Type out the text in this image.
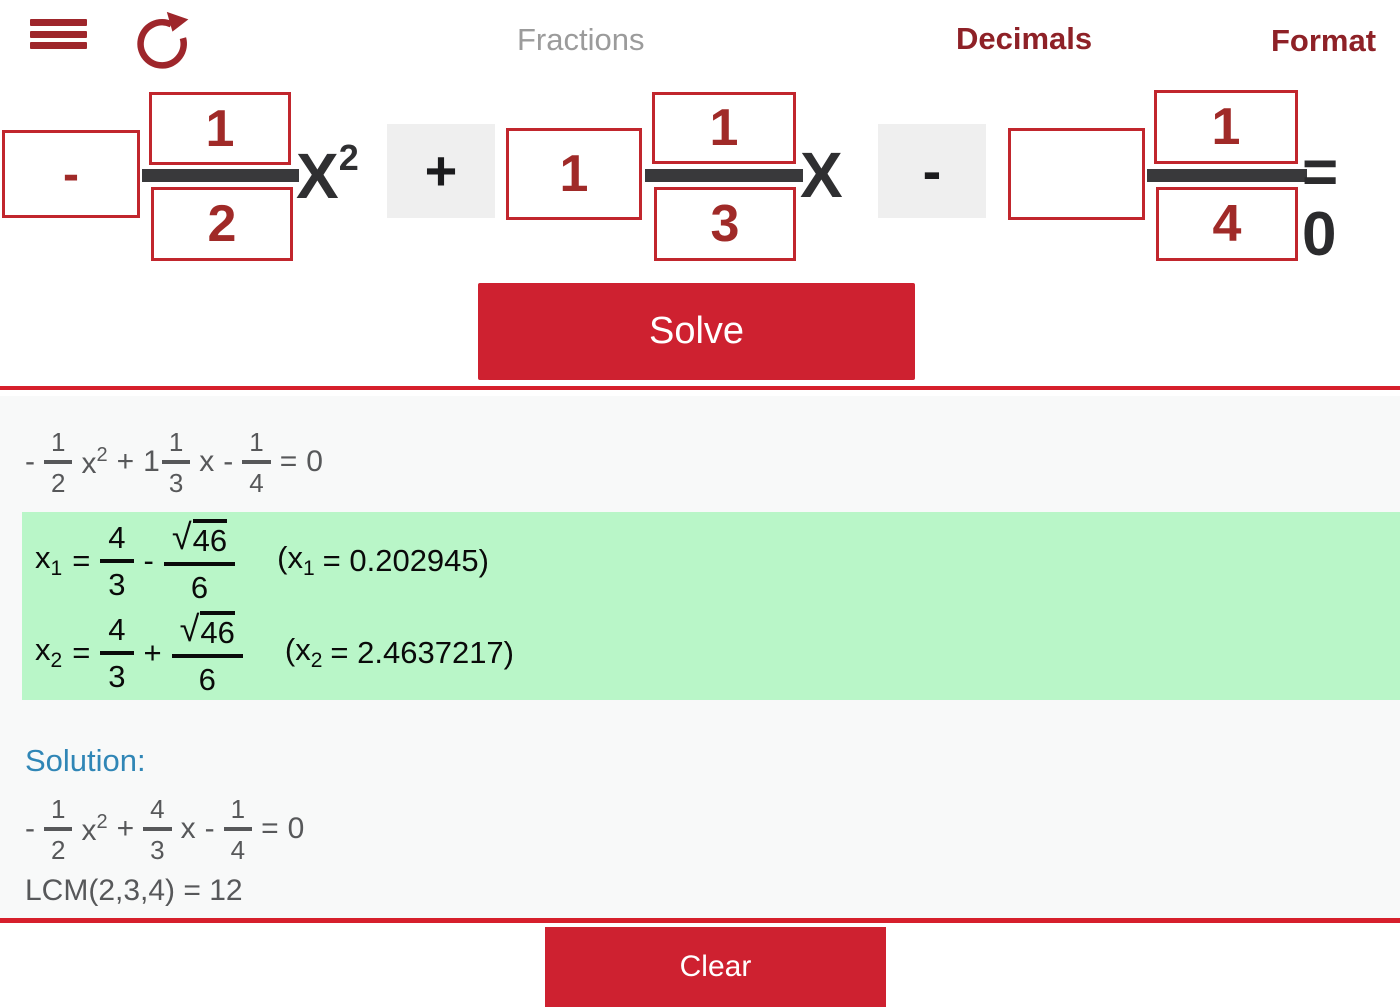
Fractions	Decimals	Format
-
1
2
$X^2$	+	1
1
3
X	-
1
4
= 0
Solve
-
1
2
$x^2 + 1$
1
3
$x - \frac{1}{4} = 0$
$x_1 = \frac{4}{3}$ -
√ 46
6
$(x_1 = 0.202945)$
$x_2 = \frac{4}{3} + \frac{√ 46}{6} (x_2 = 2.4637217)$
Solution:
-
1
2
$x^2 + \frac{4}{3}$ $x - \frac{1}{4} = 0$
LCM(2,3,4) = 12
Clear
